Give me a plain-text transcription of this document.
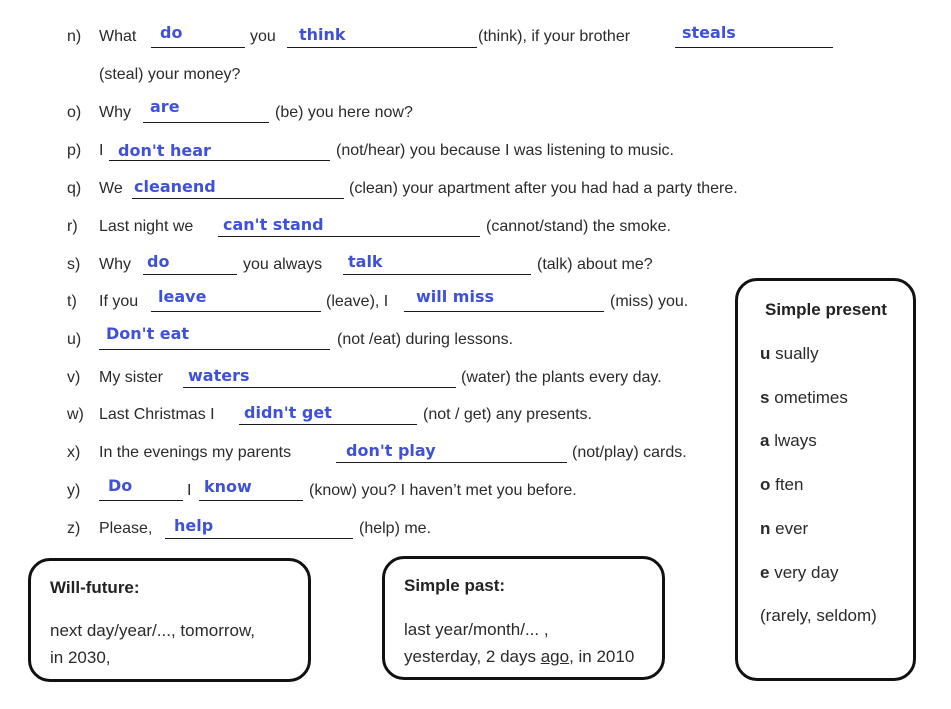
n) What do	you think	(think), if your brother	steals
(steal) your money?
o) Why are	(be) you here now?
p) I don't hear	(not/hear) you because I was listening to music.
q) We cleanend	(clean) your apartment after you had had a party there.
r) Last night we can't stand	(cannot/stand) the smoke.
s) Why do	you always talk	(talk) about me?
t) If you leave	(leave), I will miss	(miss) you.
u) Don't eat	(not /eat) during lessons.
v) My sister waters	(water) the plants every day.
w) Last Christmas I didn't get	(not / get) any presents.
x) In the evenings my parents	don't play	(not/play) cards.
y) Do	I know	(know) you? I haven’t met you before.
z) Please, help	(help) me.
Will-future:
next day/year/..., tomorrow,
in 2030,
Simple past:
last year/month/... ,
yesterday, 2 days ago, in 2010
Simple present
u sually
s ometimes
a lways
o ften
n ever
e very day
(rarely, seldom)
